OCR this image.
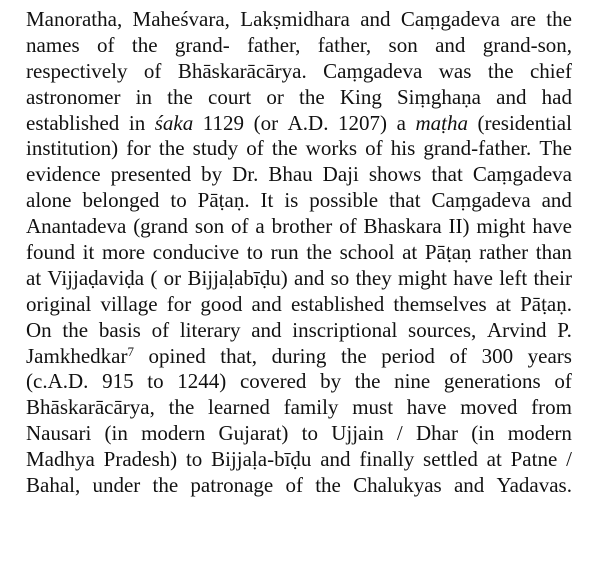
Manoratha, Maheśvara, Lakṣmidhara and Caṃgadeva are the
names of the grand- father, father, son and grand-son,
respectively of Bhāskarācārya. Caṃgadeva was the chief
astronomer in the court or the King Siṃghaṇa and had
established in śaka 1129 (or A.D. 1207) a maṭha (residential
institution) for the study of the works of his grand-father. The
evidence presented by Dr. Bhau Daji shows that Caṃgadeva
alone belonged to Pāṭaṇ. It is possible that Caṃgadeva and
Anantadeva (grand son of a brother of Bhaskara II) might have
found it more conducive to run the school at Pāṭaṇ rather than
at Vijjaḍaviḍa ( or Bijjaḷabīḍu) and so they might have left their
original village for good and established themselves at Pāṭaṇ.
On the basis of literary and inscriptional sources, Arvind P.
Jamkhedkar$^7$ opined that, during the period of 300 years
(c.A.D. 915 to 1244) covered by the nine generations of
Bhāskarācārya, the learned family must have moved from
Nausari (in modern Gujarat) to Ujjain / Dhar (in modern
Madhya Pradesh) to Bijjaḷa-bīḍu and finally settled at Patne /
Bahal, under the patronage of the Chalukyas and Yadavas.
